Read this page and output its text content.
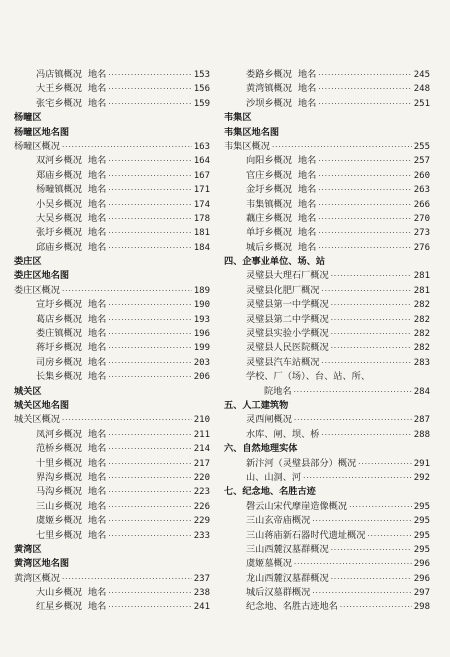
冯店镇概况 地名 ·····	153
大王乡概况 地名 ·····	156
张宅乡概况 地名 ·····	159
杨疃区
杨疃区地名图
杨疃区概况 ·····	163
双河乡概况 地名 ·····	164
郑庙乡概况 地名 ·····	167
杨疃镇概况 地名 ·····	171
小吴乡概况 地名 ·····	174
大吴乡概况 地名 ·····	178
张圩乡概况 地名 ·····	181
邱庙乡概况 地名 ·····	184
娄庄区
娄庄区地名图
娄庄区概况 ·····	189
宣圩乡概况 地名 ·····	190
葛店乡概况 地名 ·····	193
娄庄镇概况 地名 ·····	196
蒋圩乡概况 地名 ·····	199
司房乡概况 地名 ·····	203
长集乡概况 地名 ·····	206
城关区
城关区地名图
城关区概况 ·····	210
凤河乡概况 地名 ·····	211
范桥乡概况 地名 ·····	214
十里乡概况 地名 ·····	217
界沟乡概况 地名 ·····	220
马沟乡概况 地名 ·····	223
三山乡概况 地名 ·····	226
虞姬乡概况 地名 ·····	229
七里乡概况 地名 ·····	233
黄湾区
黄湾区地名图
黄湾区概况 ·····	237
大山乡概况 地名 ·····	238
红星乡概况 地名 ·····	241
娄路乡概况 地名 ·····	245
黄湾镇概况 地名 ·····	248
沙坝乡概况 地名 ·····	251
韦集区
韦集区地名图
韦集区概况 ·····	255
向阳乡概况 地名 ·····	257
官庄乡概况 地名 ·····	260
金圩乡概况 地名 ·····	263
韦集镇概况 地名 ·····	266
藕庄乡概况 地名 ·····	270
单圩乡概况 地名 ·····	273
城后乡概况 地名 ·····	276
四、企事业单位、场、站
灵璧县大理石厂概况 ·····	281
灵璧县化肥厂概况 ·····	281
灵璧县第一中学概况 ·····	282
灵璧县第二中学概况 ·····	282
灵璧县实验小学概况 ·····	282
灵璧县人民医院概况 ·····	282
灵璧县汽车站概况 ·····	283
学校、厂（场）、台、站、所、
院地名 ·····	284
五、人工建筑物
灵西闸概况 ·····	287
水库、闸、坝、桥 ·····	288
六、自然地理实体
新汴河（灵璧县部分）概况 ·····	291
山、山洞、河 ·····	292
七、纪念地、名胜古迹
磬云山宋代摩崖造像概况 ·····	295
三山玄帝庙概况 ·····	295
三山蒋庙新石器时代遗址概况 ·····	295
三山西麓汉墓群概况 ·····	295
虞姬墓概况 ·····	296
龙山西麓汉墓群概况 ·····	296
城后汉墓群概况 ·····	297
纪念地、名胜古迹地名 ·····	298
